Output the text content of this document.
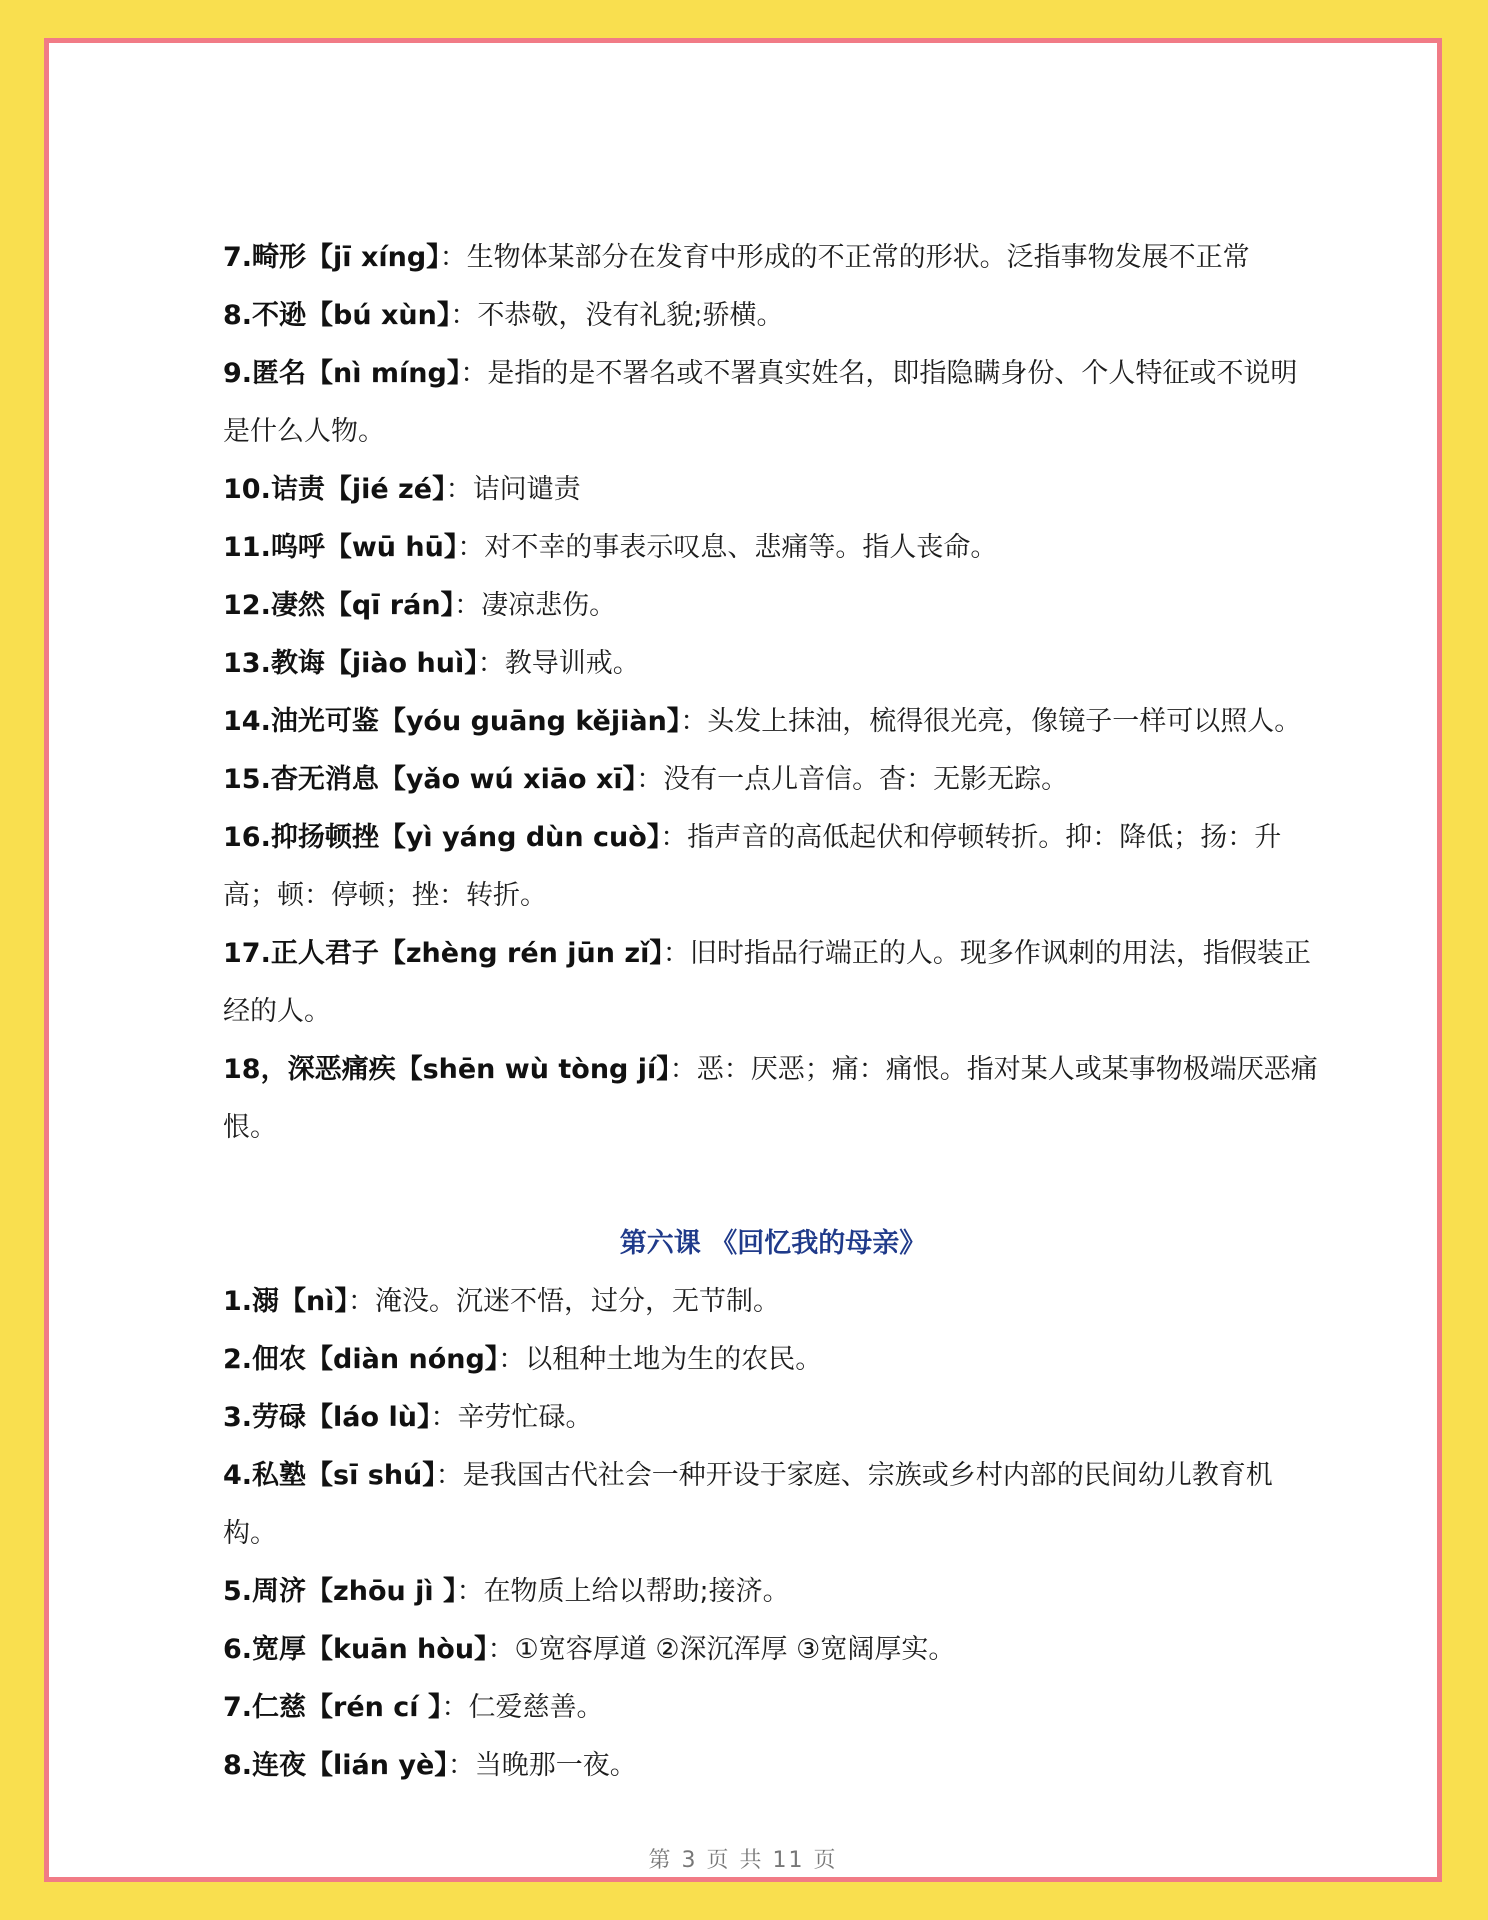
7.畸形【jī xíng】：生物体某部分在发育中形成的不正常的形状。泛指事物发展不正常

8.不逊【bú xùn】：不恭敬，没有礼貌;骄横。

9.匿名【nì míng】：是指的是不署名或不署真实姓名，即指隐瞒身份、个人特征或不说明是什么人物。

10.诘责【jié zé】：诘问谴责

11.呜呼【wū hū】：对不幸的事表示叹息、悲痛等。指人丧命。

12.凄然【qī rán】：凄凉悲伤。

13.教诲【jiào huì】：教导训戒。

14.油光可鉴【yóu guāng kějiàn】：头发上抹油，梳得很光亮，像镜子一样可以照人。

15.杳无消息【yǎo wú xiāo xī】：没有一点儿音信。杳：无影无踪。

16.抑扬顿挫【yì yáng dùn cuò】：指声音的高低起伏和停顿转折。抑：降低；扬：升高；顿：停顿；挫：转折。

17.正人君子【zhèng rén jūn zǐ】：旧时指品行端正的人。现多作讽刺的用法，指假装正经的人。

18，深恶痛疾【shēn wù tòng jí】：恶：厌恶；痛：痛恨。指对某人或某事物极端厌恶痛恨。

第六课 《回忆我的母亲》

1.溺【nì】：淹没。沉迷不悟，过分，无节制。

2.佃农【diàn nóng】：以租种土地为生的农民。

3.劳碌【láo lù】：辛劳忙碌。

4.私塾【sī shú】：是我国古代社会一种开设于家庭、宗族或乡村内部的民间幼儿教育机构。

5.周济【zhōu jì 】：在物质上给以帮助;接济。

6.宽厚【kuān hòu】：①宽容厚道 ②深沉浑厚 ③宽阔厚实。

7.仁慈【rén cí 】：仁爱慈善。

8.连夜【lián yè】：当晚那一夜。

第 3 页 共 11 页
